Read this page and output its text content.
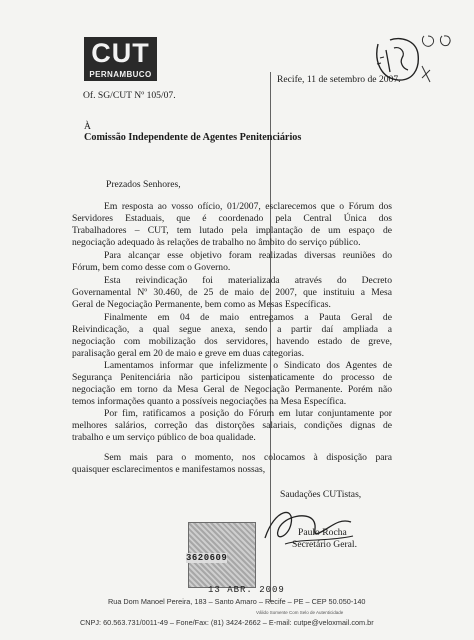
CUT
PERNAMBUCO	Recife, 11 de setembro de 2007.
Of. SG/CUT Nº 105/07.
À
Comissão Independente de Agentes Penitenciários
Prezados Senhores,
Em resposta ao vosso ofício, 01/2007, esclarecemos que o Fórum dos
Servidores Estaduais, que é coordenado pela Central Única dos
Trabalhadores – CUT, tem lutado pela implantação de um espaço de
negociação adequado às relações de trabalho no âmbito do serviço público.
Para alcançar esse objetivo foram realizadas diversas reuniões do
Fórum, bem como desse com o Governo.
Esta reivindicação foi materializada através do Decreto
Governamental Nº 30.460, de 25 de maio de 2007, que instituiu a Mesa
Geral de Negociação Permanente, bem como as Mesas Específicas.
Finalmente em 04 de maio entregamos a Pauta Geral de
Reivindicação, a qual segue anexa, sendo a partir daí ampliada a
negociação com mobilização dos servidores, havendo estado de greve,
paralisação geral em 20 de maio e greve em duas categorias.
Lamentamos informar que infelizmente o Sindicato dos Agentes de
Segurança Penitenciária não participou sistematicamente do processo de
negociação em torno da Mesa Geral de Negociação Permanente. Porém não
temos informações quanto a possíveis negociações na Mesa Específica.
Por fim, ratificamos a posição do Fórum em lutar conjuntamente por
melhores salários, correção das distorções salariais, condições dignas de
trabalho e um serviço público de boa qualidade.
Sem mais para o momento, nos colocamos à disposição para
quaisquer esclarecimentos e manifestamos nossas,
Saudações CUTistas,
Paulo Rocha
Secretário Geral.
3620609
13 ABR. 2009
Válido Somente Com Selo de Autenticidade
Rua Dom Manoel Pereira, 183 – Santo Amaro – Recife – PE – CEP 50.050-140
CNPJ: 60.563.731/0011-49 – Fone/Fax: (81) 3424-2662 – E-mail: cutpe@veloxmail.com.br
